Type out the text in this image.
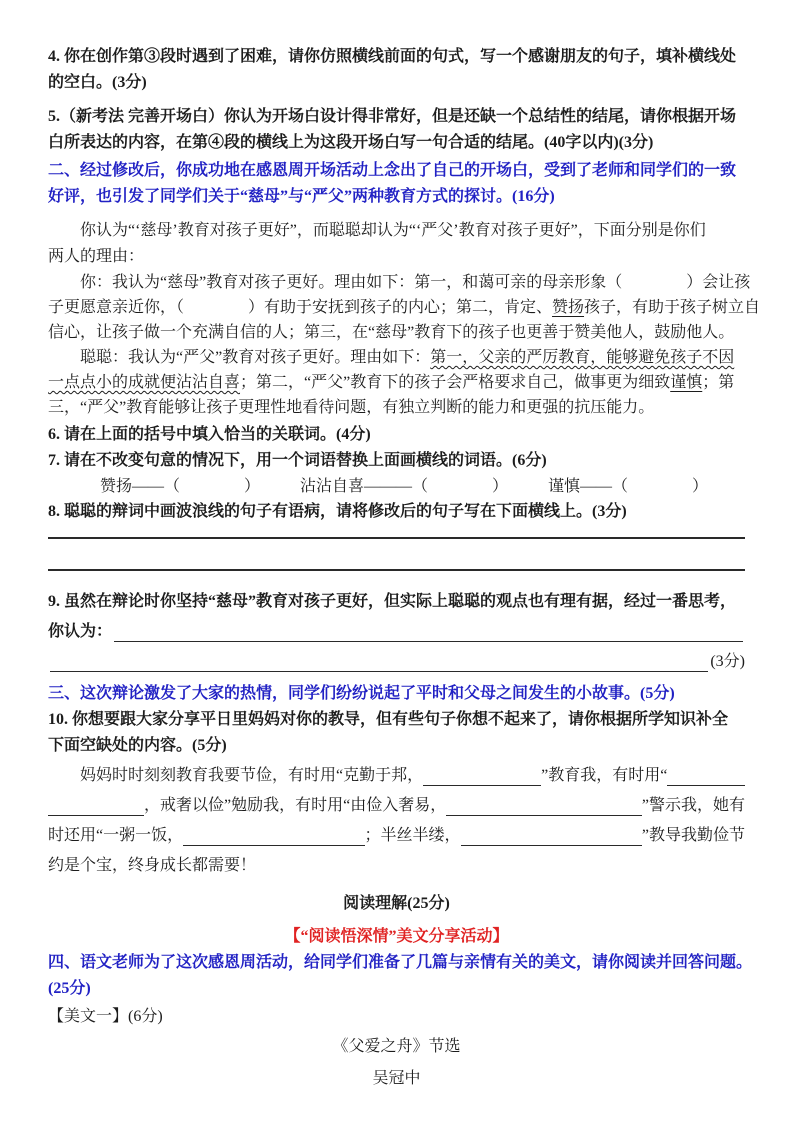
4. 你在创作第③段时遇到了困难，请你仿照横线前面的句式，写一个感谢朋友的句子，填补横线处
的空白。(3分)
5.（新考法 完善开场白）你认为开场白设计得非常好，但是还缺一个总结性的结尾，请你根据开场
白所表达的内容，在第④段的横线上为这段开场白写一句合适的结尾。(40字以内)(3分)
二、经过修改后，你成功地在感恩周开场活动上念出了自己的开场白，受到了老师和同学们的一致
好评，也引发了同学们关于“慈母”与“严父”两种教育方式的探讨。(16分)
你认为“‘慈母’教育对孩子更好”，而聪聪却认为“‘严父’教育对孩子更好”，下面分别是你们
两人的理由：
你：我认为“慈母”教育对孩子更好。理由如下：第一，和蔼可亲的母亲形象（　　　　）会让孩
子更愿意亲近你，（　　　　）有助于安抚到孩子的内心；第二，肯定、赞扬孩子，有助于孩子树立自
信心，让孩子做一个充满自信的人；第三，在“慈母”教育下的孩子也更善于赞美他人，鼓励他人。
聪聪：我认为“严父”教育对孩子更好。理由如下：第一，父亲的严厉教育，能够避免孩子不因
一点点小的成就便沾沾自喜；第二，“严父”教育下的孩子会严格要求自己，做事更为细致谨慎；第
三，“严父”教育能够让孩子更理性地看待问题，有独立判断的能力和更强的抗压能力。
6. 请在上面的括号中填入恰当的关联词。(4分)
7. 请在不改变句意的情况下，用一个词语替换上面画横线的词语。(6分)
赞扬——（　　　　）　　　沾沾自喜———（　　　　）　　　谨慎——（　　　　）
8. 聪聪的辩词中画波浪线的句子有语病，请将修改后的句子写在下面横线上。(3分)
9. 虽然在辩论时你坚持“慈母”教育对孩子更好，但实际上聪聪的观点也有理有据，经过一番思考，
你认为：
(3分)
三、这次辩论激发了大家的热情，同学们纷纷说起了平时和父母之间发生的小故事。(5分)
10. 你想要跟大家分享平日里妈妈对你的教导，但有些句子你想不起来了，请你根据所学知识补全
下面空缺处的内容。(5分)
　　妈妈时时刻刻教育我要节俭，有时用“克勤于邦，	”教育我，有时用“
，戒奢以俭”勉励我，有时用“由俭入奢易，	”警示我，她有
时还用“一粥一饭，	；半丝半缕，	”教导我勤俭节
约是个宝，终身成长都需要！
阅读理解(25分)
【“阅读悟深情”美文分享活动】
四、语文老师为了这次感恩周活动，给同学们准备了几篇与亲情有关的美文，请你阅读并回答问题。
(25分)
【美文一】(6分)
《父爱之舟》节选
吴冠中
